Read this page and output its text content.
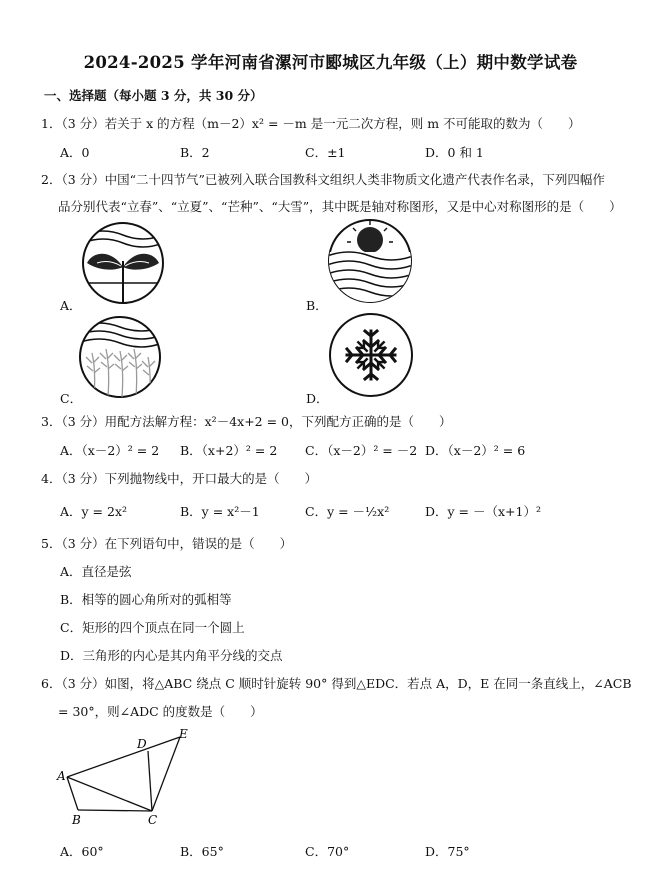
2024-2025 学年河南省漯河市郾城区九年级（上）期中数学试卷
一、选择题（每小题 3 分，共 30 分）
1．（3 分）若关于 x 的方程（m－2）x² = －m 是一元二次方程，则 m 不可能取的数为（　　）
A．0	B．2	C．±1	D．0 和 1
2．（3 分）中国“二十四节气”已被列入联合国教科文组织人类非物质文化遗产代表作名录，下列四幅作
品分别代表“立春”、“立夏”、“芒种”、“大雪”，其中既是轴对称图形，又是中心对称图形的是（　　）
A．	B．
C．	D．
3．（3 分）用配方法解方程：x²－4x+2 = 0，下列配方正确的是（　　）
A．（x－2）² = 2 B．（x+2）² = 2 C．（x－2）² = －2 D．（x－2）² = 6
4．（3 分）下列抛物线中，开口最大的是（　　）
A．y = 2x²	B．y = x²－1	C．y = －½x²	D．y = －（x+1）²
5．（3 分）在下列语句中，错误的是（　　）
A．直径是弦
B．相等的圆心角所对的弧相等
C．矩形的四个顶点在同一个圆上
D．三角形的内心是其内角平分线的交点
6．（3 分）如图，将△ABC 绕点 C 顺时针旋转 90° 得到△EDC．若点 A，D，E 在同一条直线上，∠ACB
= 30°，则∠ADC 的度数是（　　）
A
B	C
D
E
A．60°	B．65°	C．70°	D．75°
